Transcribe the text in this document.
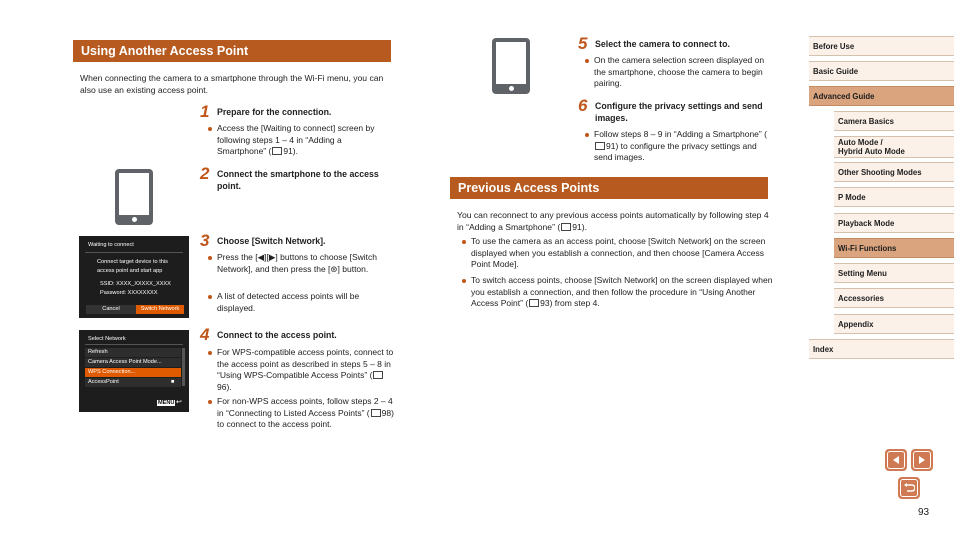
Using Another Access Point
When connecting the camera to a smartphone through the Wi-Fi menu, you can also use an existing access point.
1 Prepare for the connection.
Access the [Waiting to connect] screen by following steps 1 – 4 in “Adding a Smartphone” ( 91).
2 Connect the smartphone to the access point.
Waiting to connect
Connect target device to this
access point and start app
SSID: XXXX_XXXXX_XXXX
Password: XXXXXXXX
Cancel	Switch Network
3 Choose [Switch Network].
Press the [◀][▶] buttons to choose [Switch Network], and then press the [⊛] button.
A list of detected access points will be displayed.
Select Network
Refresh
Camera Access Point Mode...
WPS Connection...
AccessPoint	■
MENU ↩
4 Connect to the access point.
For WPS-compatible access points, connect to the access point as described in steps 5 – 8 in “Using WPS-Compatible Access Points” (96).
For non-WPS access points, follow steps 2 – 4 in “Connecting to Listed Access Points” ( 98) to connect to the access point.
5 Select the camera to connect to.
On the camera selection screen displayed on the smartphone, choose the camera to begin pairing.
6 Configure the privacy settings and send images.
Follow steps 8 – 9 in “Adding a Smartphone” (91) to configure the privacy settings and send images.
Previous Access Points
You can reconnect to any previous access points automatically by following step 4 in “Adding a Smartphone” ( 91).
To use the camera as an access point, choose [Switch Network] on the screen displayed when you establish a connection, and then choose [Camera Access Point Mode].
To switch access points, choose [Switch Network] on the screen displayed when you establish a connection, and then follow the procedure in “Using Another Access Point” ( 93) from step 4.
Before Use
Basic Guide
Advanced Guide
Camera Basics
Auto Mode /
Hybrid Auto Mode
Other Shooting Modes
P Mode
Playback Mode
Wi-Fi Functions
Setting Menu
Accessories
Appendix
Index
93
